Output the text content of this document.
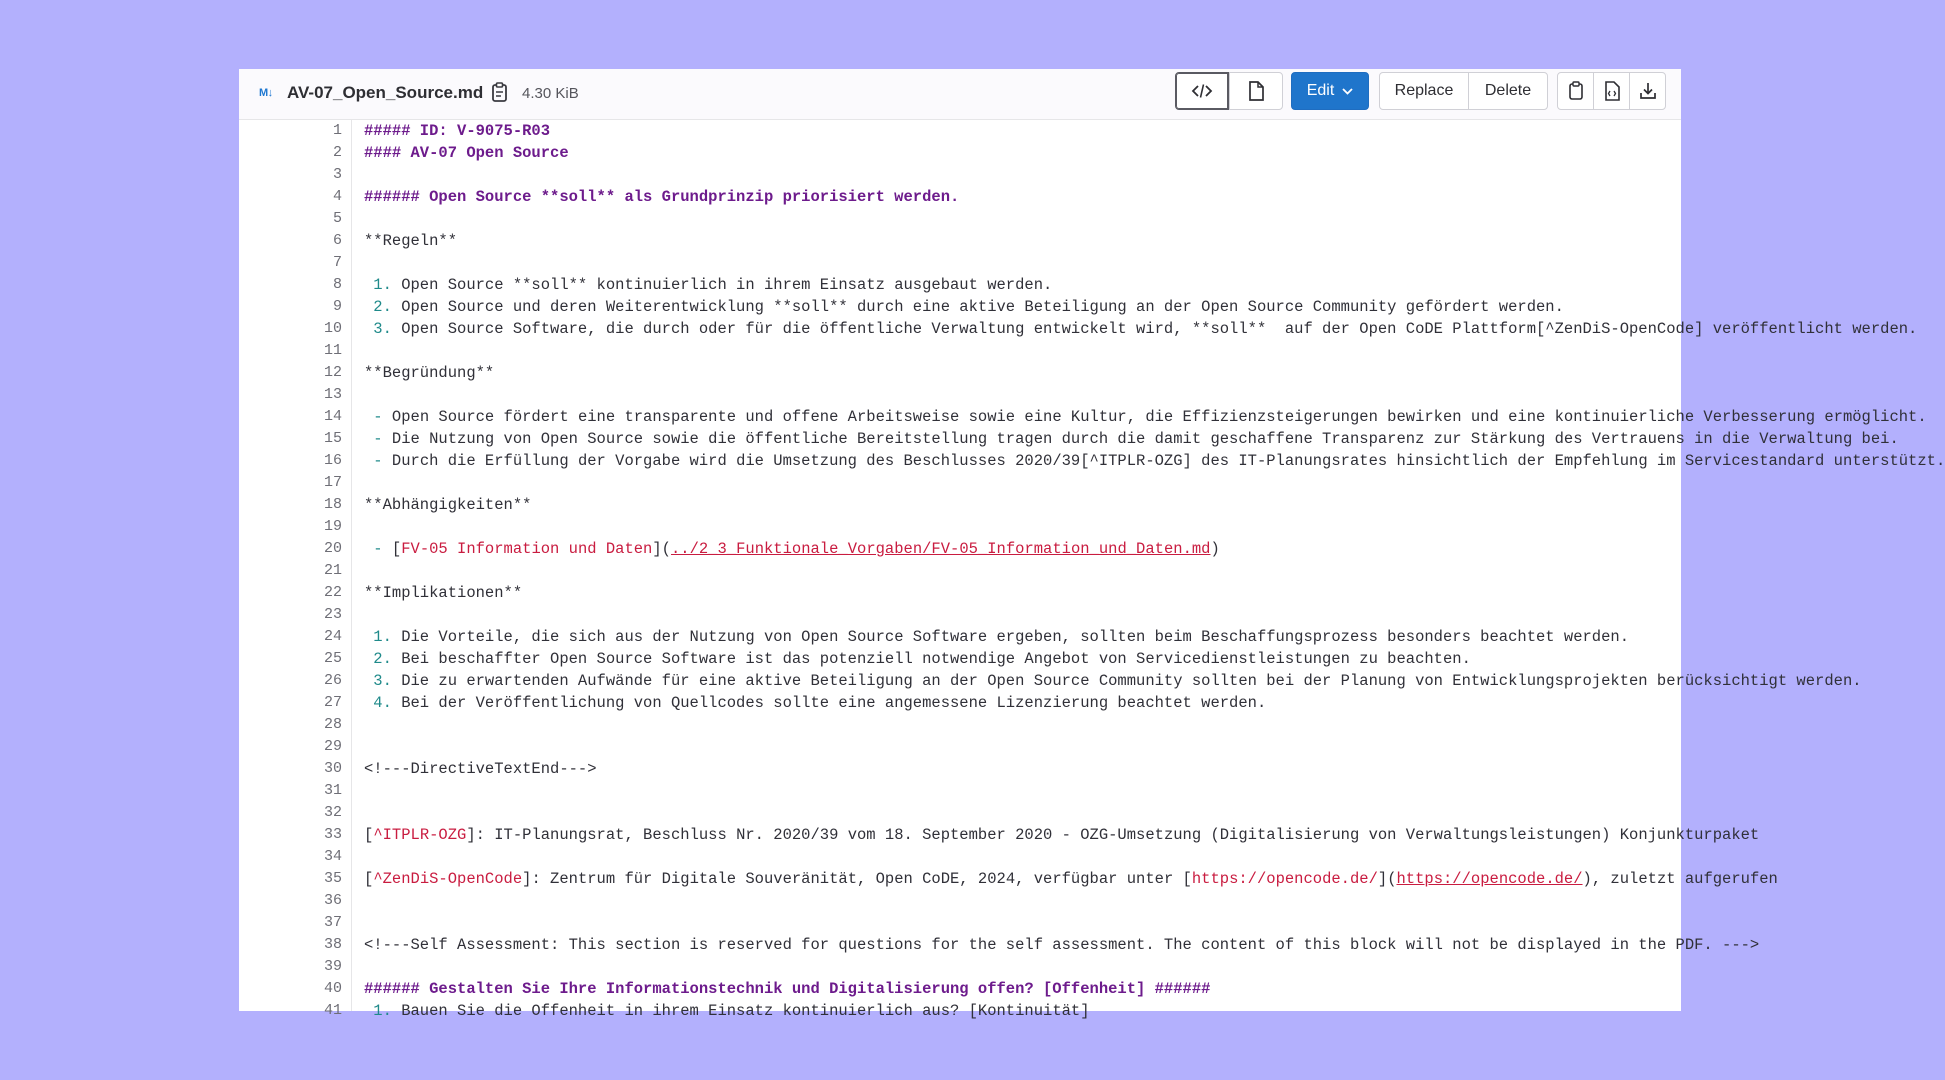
M↓ AV-07_Open_Source.md	4.30 KiB	Edit	Replace	Delete
1 ##### ID: V-9075-R03
2 #### AV-07 Open Source
3
4 ###### Open Source **soll** als Grundprinzip priorisiert werden.
5
6 **Regeln**
7
8 1. Open Source **soll** kontinuierlich in ihrem Einsatz ausgebaut werden.
9 2. Open Source und deren Weiterentwicklung **soll** durch eine aktive Beteiligung an der Open Source Community gefördert werden.
10 3. Open Source Software, die durch oder für die öffentliche Verwaltung entwickelt wird, **soll**  auf der Open CoDE Plattform[^ZenDiS-OpenCode] veröffentlicht werden.
11
12 **Begründung**
13
14 - Open Source fördert eine transparente und offene Arbeitsweise sowie eine Kultur, die Effizienzsteigerungen bewirken und eine kontinuierliche Verbesserung ermöglicht.
15 - Die Nutzung von Open Source sowie die öffentliche Bereitstellung tragen durch die damit geschaffene Transparenz zur Stärkung des Vertrauens in die Verwaltung bei.
16 - Durch die Erfüllung der Vorgabe wird die Umsetzung des Beschlusses 2020/39[^ITPLR-OZG] des IT-Planungsrates hinsichtlich der Empfehlung im Servicestandard unterstützt.
17
18 **Abhängigkeiten**
19
20 - [FV-05 Information und Daten](../2_3_Funktionale_Vorgaben/FV-05_Information_und_Daten.md)
21
22 **Implikationen**
23
24 1. Die Vorteile, die sich aus der Nutzung von Open Source Software ergeben, sollten beim Beschaffungsprozess besonders beachtet werden.
25 2. Bei beschaffter Open Source Software ist das potenziell notwendige Angebot von Servicedienstleistungen zu beachten.
26 3. Die zu erwartenden Aufwände für eine aktive Beteiligung an der Open Source Community sollten bei der Planung von Entwicklungsprojekten berücksichtigt werden.
27 4. Bei der Veröffentlichung von Quellcodes sollte eine angemessene Lizenzierung beachtet werden.
28
29
30 <!---DirectiveTextEnd--->
31
32
33 [^ITPLR-OZG]: IT-Planungsrat, Beschluss Nr. 2020/39 vom 18. September 2020 - OZG-Umsetzung (Digitalisierung von Verwaltungsleistungen) Konjunkturpaket
34
35 [^ZenDiS-OpenCode]: Zentrum für Digitale Souveränität, Open CoDE, 2024, verfügbar unter [https://opencode.de/](https://opencode.de/), zuletzt aufgerufen
36
37
38 <!---Self Assessment: This section is reserved for questions for the self assessment. The content of this block will not be displayed in the PDF. --->
39
40 ###### Gestalten Sie Ihre Informationstechnik und Digitalisierung offen? [Offenheit] ######
41 1. Bauen Sie die Offenheit in ihrem Einsatz kontinuierlich aus? [Kontinuität]
